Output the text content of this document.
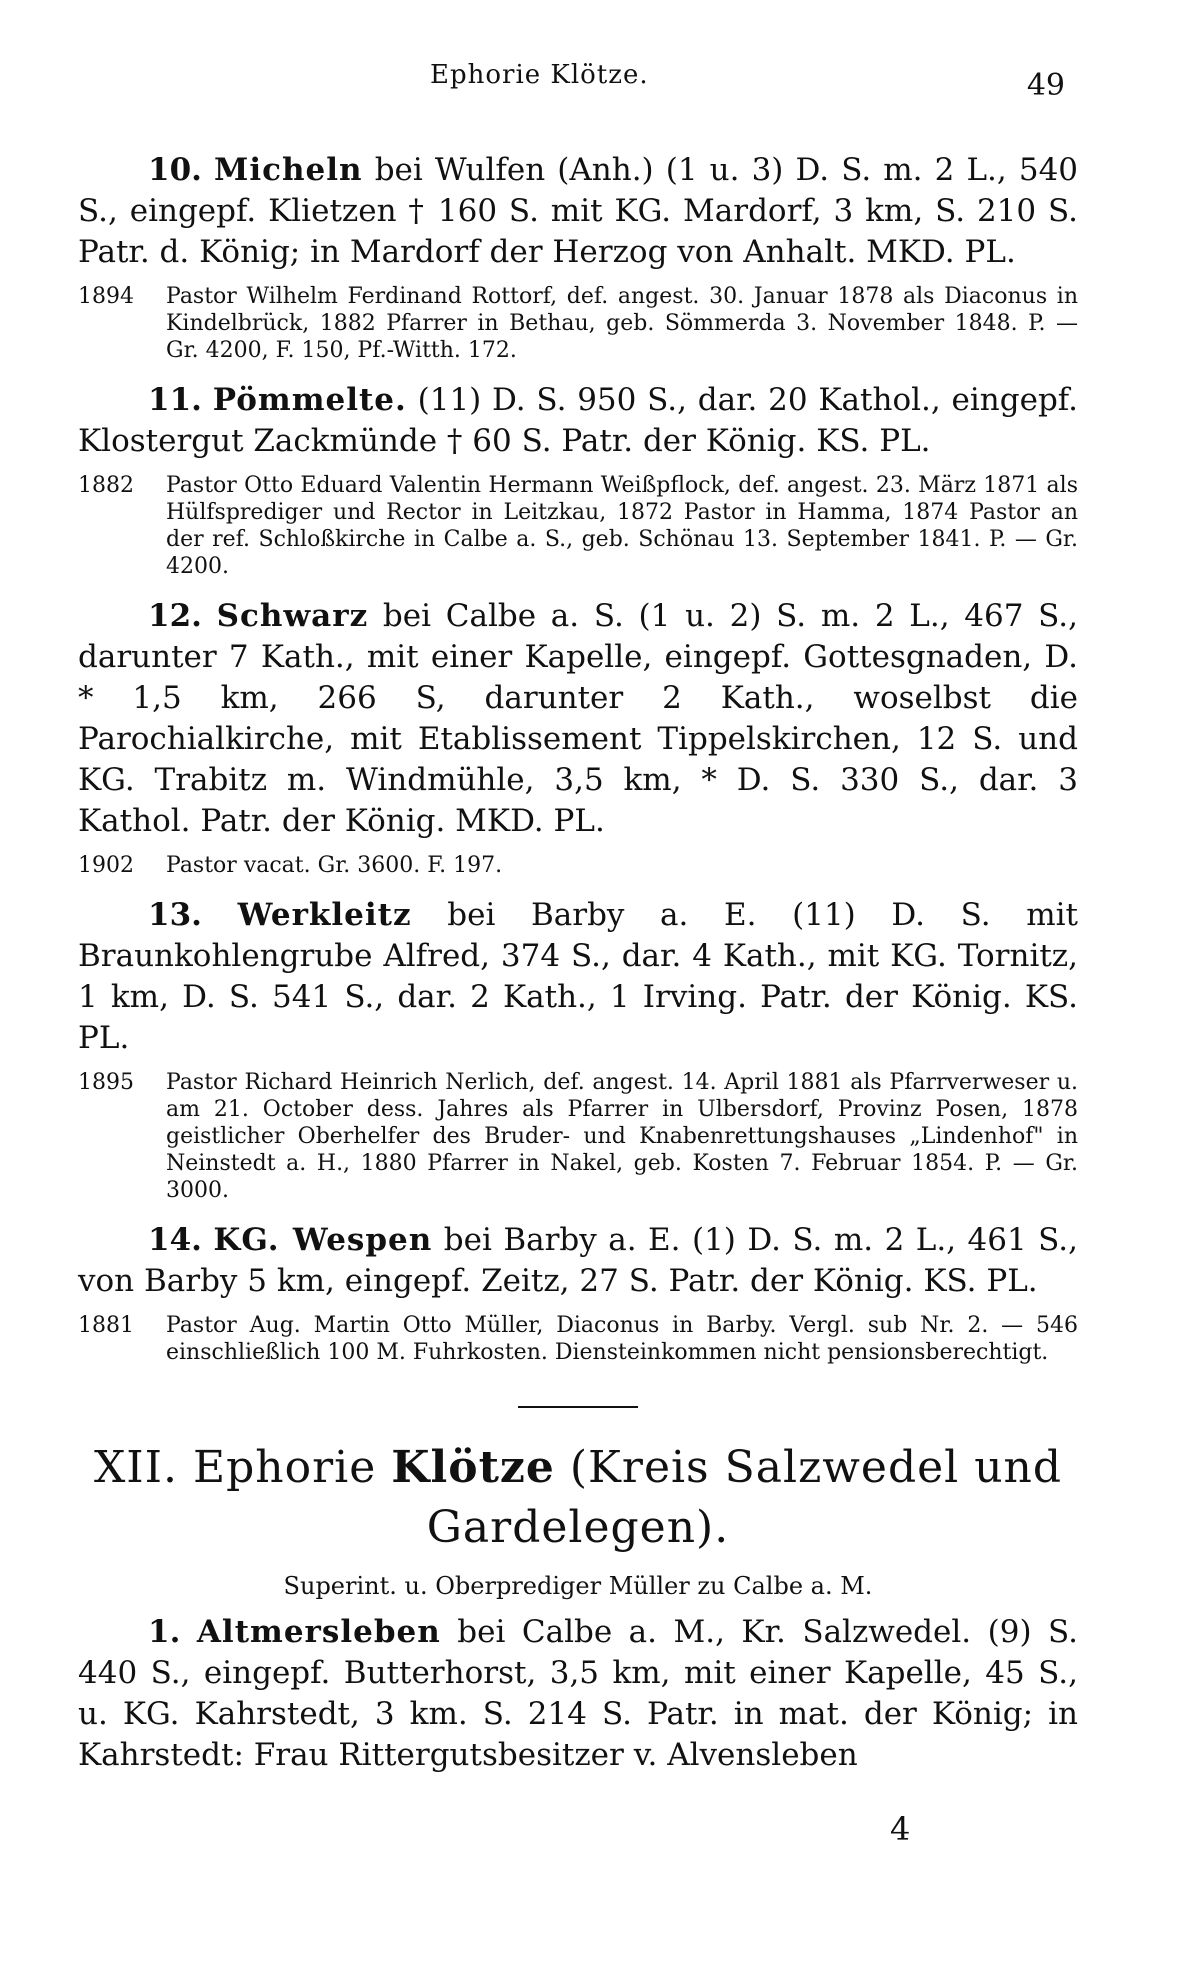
Ephorie Klötze.	49

10. Micheln bei Wulfen (Anh.) (1 u. 3) D. S. m. 2 L., 540 S., eingepf. Klietzen † 160 S. mit KG. Mardorf, 3 km, S. 210 S. Patr. d. König; in Mardorf der Herzog von Anhalt. MKD. PL.

1894	Pastor Wilhelm Ferdinand Rottorf, def. angest. 30. Januar 1878 als Diaconus in Kindelbrück, 1882 Pfarrer in Bethau, geb. Sömmerda 3. November 1848. P. — Gr. 4200, F. 150, Pf.-Witth. 172.

11. Pömmelte. (11) D. S. 950 S., dar. 20 Kathol., eingepf. Klostergut Zackmünde † 60 S. Patr. der König. KS. PL.

1882	Pastor Otto Eduard Valentin Hermann Weißpflock, def. angest. 23. März 1871 als Hülfsprediger und Rector in Leitzkau, 1872 Pastor in Hamma, 1874 Pastor an der ref. Schloßkirche in Calbe a. S., geb. Schönau 13. September 1841. P. — Gr. 4200.

12. Schwarz bei Calbe a. S. (1 u. 2) S. m. 2 L., 467 S., darunter 7 Kath., mit einer Kapelle, eingepf. Gottesgnaden, D. * 1,5 km, 266 S, darunter 2 Kath., woselbst die Parochialkirche, mit Etablissement Tippelskirchen, 12 S. und KG. Trabitz m. Windmühle, 3,5 km, * D. S. 330 S., dar. 3 Kathol. Patr. der König. MKD. PL.

1902	Pastor vacat. Gr. 3600. F. 197.

13. Werkleitz bei Barby a. E. (11) D. S. mit Braunkohlengrube Alfred, 374 S., dar. 4 Kath., mit KG. Tornitz, 1 km, D. S. 541 S., dar. 2 Kath., 1 Irving. Patr. der König. KS. PL.

1895	Pastor Richard Heinrich Nerlich, def. angest. 14. April 1881 als Pfarrverweser u. am 21. October dess. Jahres als Pfarrer in Ulbersdorf, Provinz Posen, 1878 geistlicher Oberhelfer des Bruder- und Knabenrettungshauses „Lindenhof" in Neinstedt a. H., 1880 Pfarrer in Nakel, geb. Kosten 7. Februar 1854. P. — Gr. 3000.

14. KG. Wespen bei Barby a. E. (1) D. S. m. 2 L., 461 S., von Barby 5 km, eingepf. Zeitz, 27 S. Patr. der König. KS. PL.

1881	Pastor Aug. Martin Otto Müller, Diaconus in Barby. Vergl. sub Nr. 2. — 546 einschließlich 100 M. Fuhrkosten. Diensteinkommen nicht pensionsberechtigt.

XII. Ephorie Klötze (Kreis Salzwedel und

Gardelegen).

Superint. u. Oberprediger Müller zu Calbe a. M.

1. Altmersleben bei Calbe a. M., Kr. Salzwedel. (9) S. 440 S., eingepf. Butterhorst, 3,5 km, mit einer Kapelle, 45 S., u. KG. Kahrstedt, 3 km. S. 214 S. Patr. in mat. der König; in Kahrstedt: Frau Rittergutsbesitzer v. Alvensleben

4
